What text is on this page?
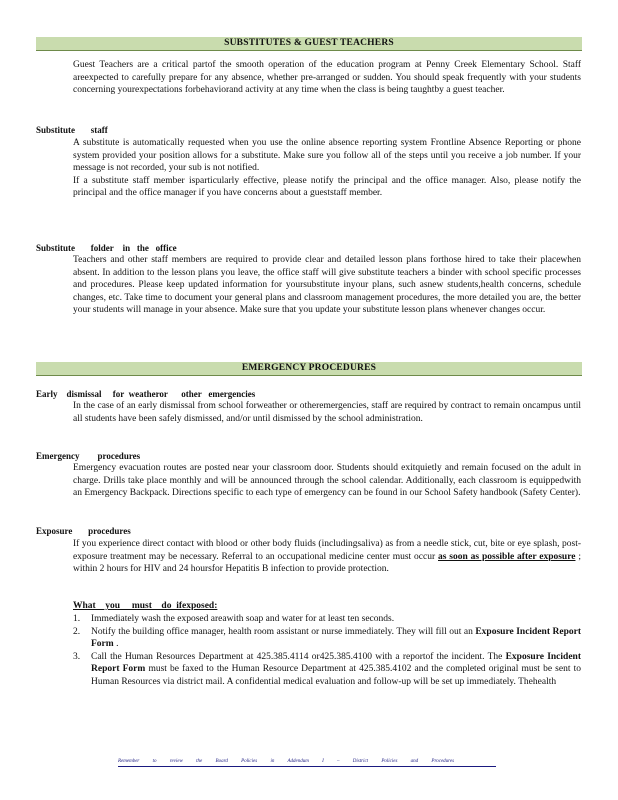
SUBSTITUTES & GUEST TEACHERS

Guest Teachers are a critical partof the smooth operation of the education program at Penny Creek Elementary School. Staff areexpected to carefully prepare for any absence, whether pre-arranged or sudden. You should speak frequently with your students concerning yourexpectations forbehaviorand activity at any time when the class is being taughtby a guest teacher.

Substitute       staff

A substitute is automatically requested when you use the online absence reporting system Frontline Absence Reporting or phone system provided your position allows for a substitute. Make sure you follow all of the steps until you receive a job number. If your message is not recorded, your sub is not notified.

If a substitute staff member isparticularly effective, please notify the principal and the office manager. Also, please notify the principal and the office manager if you have concerns about a gueststaff member.

Substitute       folder    in   the   office

Teachers and other staff members are required to provide clear and detailed lesson plans forthose hired to take their placewhen absent. In addition to the lesson plans you leave, the office staff will give substitute teachers a binder with school specific processes and procedures. Please keep updated information for yoursubstitute inyour plans, such asnew students,health concerns, schedule changes, etc. Take time to document your general plans and classroom management procedures, the more detailed you are, the better your students will manage in your absence. Make sure that you update your substitute lesson plans whenever changes occur.

EMERGENCY PROCEDURES
Early    dismissal     for  weatheror      other   emergencies

In the case of an early dismissal from school forweather or otheremergencies, staff are required by contract to remain oncampus until all students have been safely dismissed, and/or until dismissed by the school administration.

Emergency        procedures

Emergency evacuation routes are posted near your classroom door. Students should exitquietly and remain focused on the adult in charge. Drills take place monthly and will be announced through the school calendar. Additionally, each classroom is equippedwith an Emergency Backpack. Directions specific to each type of emergency can be found in our School Safety handbook (Safety Center).

Exposure       procedures

If you experience direct contact with blood or other body fluids (includingsaliva) as from a needle stick, cut, bite or eye splash, post-exposure treatment may be necessary. Referral to an occupational medicine center must occur as soon as possible after exposure ; within 2 hours for HIV and 24 hoursfor Hepatitis B infection to provide protection.

What    you     must    do  ifexposed:
1. Immediately wash the exposed areawith soap and water for at least ten seconds.
2. Notify the building office manager, health room assistant or nurse immediately. They will fill out an Exposure Incident Report Form .
3. Call the Human Resources Department at 425.385.4114 or425.385.4100 with a reportof the incident. The Exposure Incident Report Form must be faxed to the Human Resource Department at 425.385.4102 and the completed original must be sent to Human Resources via district mail. A confidential medical evaluation and follow-up will be set up immediately. Thehealth
Remember to review the Board Policies in Addendum I – District Policies and Procedures
